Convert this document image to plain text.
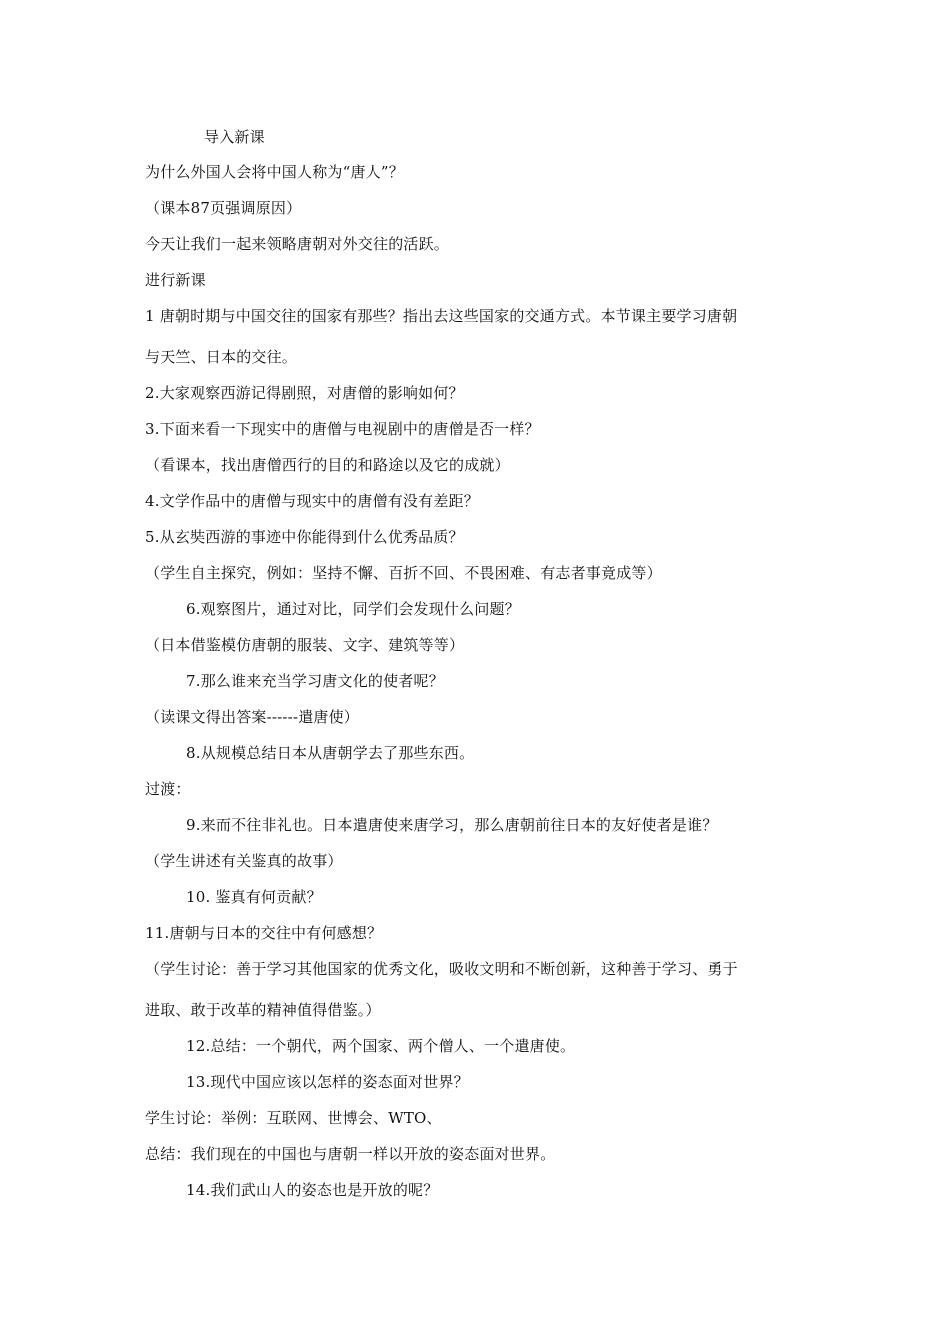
导入新课
为什么外国人会将中国人称为“唐人”？
（课本87页强调原因）
今天让我们一起来领略唐朝对外交往的活跃。
进行新课
1 唐朝时期与中国交往的国家有那些？指出去这些国家的交通方式。本节课主要学习唐朝
与天竺、日本的交往。
2.大家观察西游记得剧照，对唐僧的影响如何？
3.下面来看一下现实中的唐僧与电视剧中的唐僧是否一样？
（看课本，找出唐僧西行的目的和路途以及它的成就）
4.文学作品中的唐僧与现实中的唐僧有没有差距？
5.从玄奘西游的事迹中你能得到什么优秀品质？
（学生自主探究，例如：坚持不懈、百折不回、不畏困难、有志者事竟成等）
6.观察图片，通过对比，同学们会发现什么问题？
（日本借鉴模仿唐朝的服装、文字、建筑等等）
7.那么谁来充当学习唐文化的使者呢？
（读课文得出答案------遣唐使）
8.从规模总结日本从唐朝学去了那些东西。
过渡：
9.来而不往非礼也。日本遣唐使来唐学习，那么唐朝前往日本的友好使者是谁？
（学生讲述有关鉴真的故事）
10. 鉴真有何贡献？
11.唐朝与日本的交往中有何感想？
（学生讨论：善于学习其他国家的优秀文化，吸收文明和不断创新，这种善于学习、勇于
进取、敢于改革的精神值得借鉴。）
12.总结：一个朝代，两个国家、两个僧人、一个遣唐使。
13.现代中国应该以怎样的姿态面对世界？
学生讨论：举例：互联网、世博会、WTO、
总结：我们现在的中国也与唐朝一样以开放的姿态面对世界。
14.我们武山人的姿态也是开放的呢？
